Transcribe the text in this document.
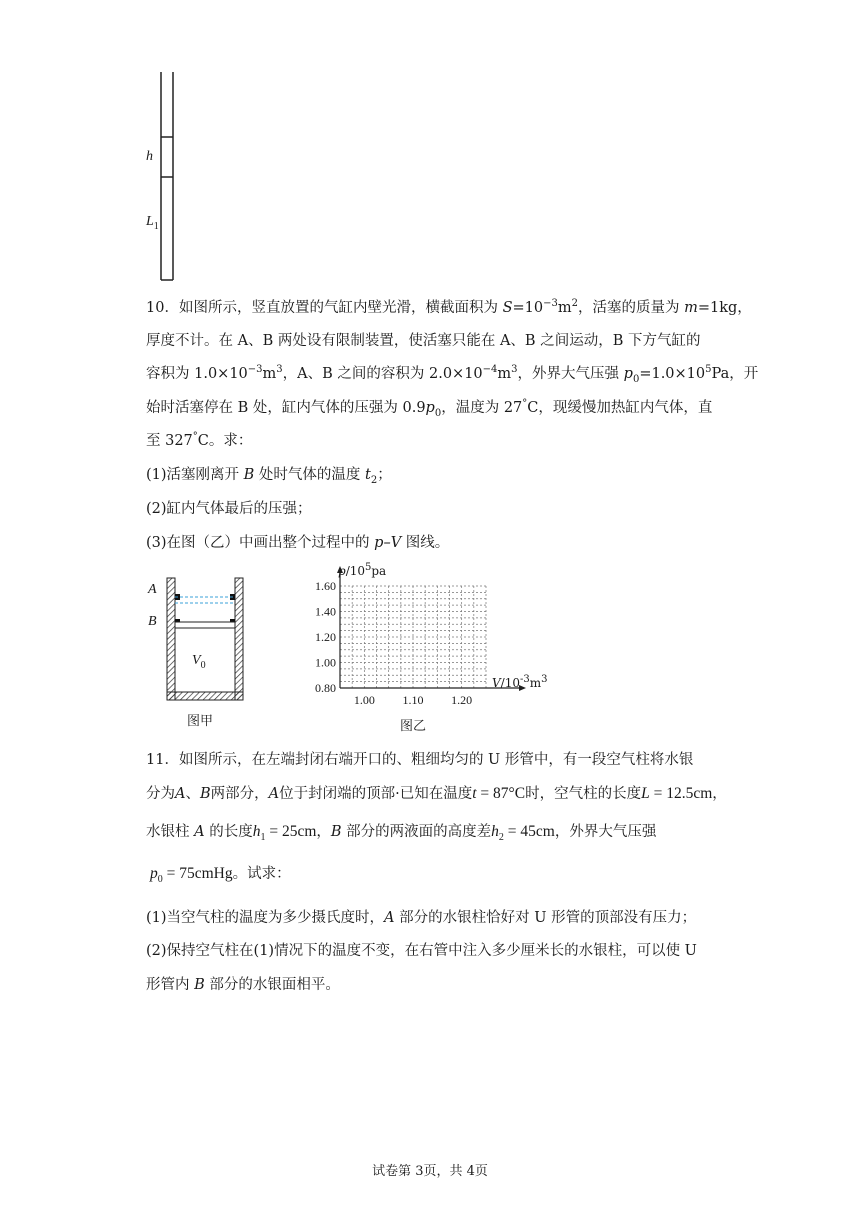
h
$L_1$
10．如图所示，竖直放置的气缸内壁光滑，横截面积为 $S=10^{-3}m^2$，活塞的质量为 m=1kg，
厚度不计。在 A、B 两处设有限制装置，使活塞只能在 A、B 之间运动，B 下方气缸的
容积为 $1.0\times 10^{-3}m^3$，A、B 之间的容积为 $2.0\times 10^{-4}m^3$，外界大气压强 $p_0=1.0\times 10^5Pa$，开
始时活塞停在 B 处，缸内气体的压强为 $0.9p_0$，温度为 27°C，现缓慢加热缸内气体，直
至 327°C。求：
(1)活塞刚离开 B 处时气体的温度 $t_2$；
(2)缸内气体最后的压强；
(3)在图（乙）中画出整个过程中的 p–V 图线。
A
B
$V_0$
图甲
1.00 1.10 1.20
0.80
1.00
1.20
1.40
1.60
$p/10^5pa$
$V/10^{-3}m^3$
图乙
11．如图所示，在左端封闭右端开口的、粗细均匀的 U 形管中，有一段空气柱将水银
分为A、B两部分，A位于封闭端的顶部·已知在温度t = 87°C时，空气柱的长度L = 12.5cm，
水银柱 A 的长度$h_1 = 25cm$，B 部分的两液面的高度差$h_2 = 45cm$，外界大气压强
$p_0$ = 75cmHg。试求：
(1)当空气柱的温度为多少摄氏度时，A 部分的水银柱恰好对 U 形管的顶部没有压力；
(2)保持空气柱在(1)情况下的温度不变，在右管中注入多少厘米长的水银柱，可以使 U
形管内 B 部分的水银面相平。
试卷第 3页，共 4页
